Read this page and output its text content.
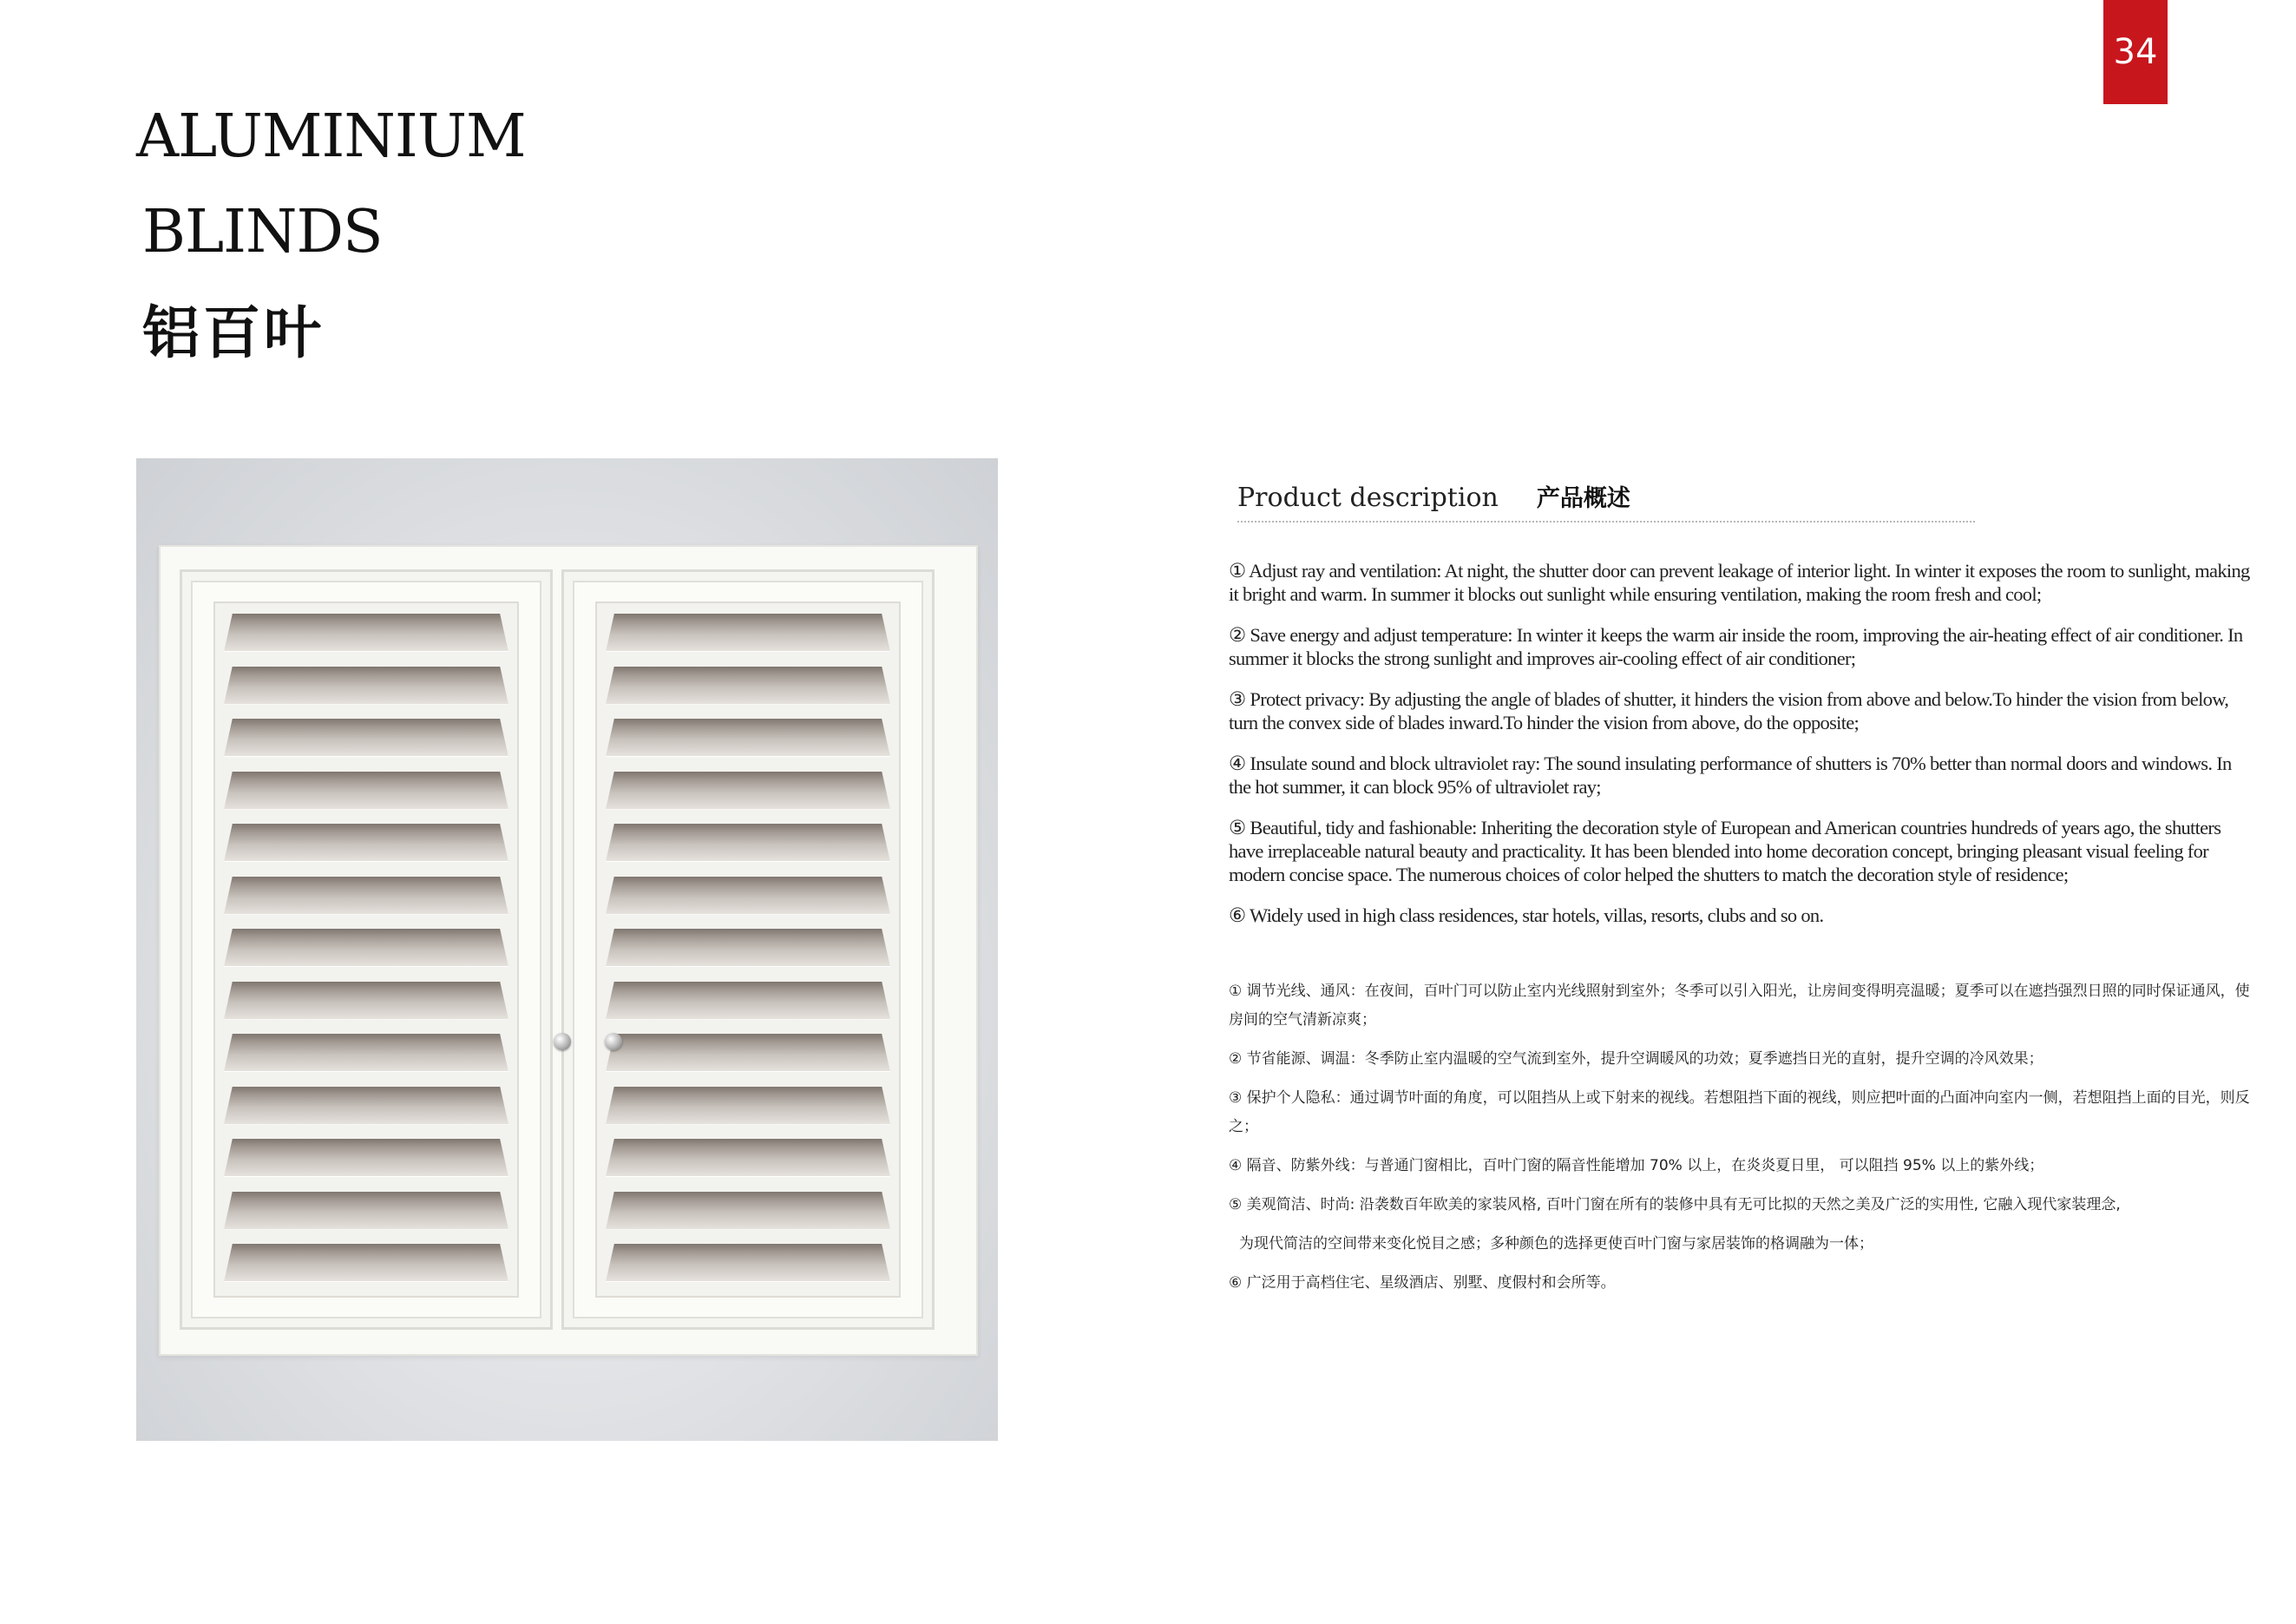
34
ALUMINIUM
BLINDS
铝百叶
Product description 产品概述

① Adjust ray and ventilation: At night, the shutter door can prevent leakage of interior light. In winter it exposes the room to sunlight, making it bright and warm. In summer it blocks out sunlight while ensuring ventilation, making the room fresh and cool;

② Save energy and adjust temperature: In winter it keeps the warm air inside the room, improving the air-heating effect of air conditioner. In summer it blocks the strong sunlight and improves air-cooling effect of air conditioner;

③ Protect privacy: By adjusting the angle of blades of shutter, it hinders the vision from above and below.To hinder the vision from below, turn the convex side of blades inward.To hinder the vision from above, do the opposite;

④ Insulate sound and block ultraviolet ray: The sound insulating performance of shutters is 70% better than normal doors and windows. In the hot summer, it can block 95% of ultraviolet ray;

⑤ Beautiful, tidy and fashionable: Inheriting the decoration style of European and American countries hundreds of years ago, the shutters have irreplaceable natural beauty and practicality. It has been blended into home decoration concept, bringing pleasant visual feeling for modern concise space. The numerous choices of color helped the shutters to match the decoration style of residence;

⑥ Widely used in high class residences, star hotels, villas, resorts, clubs and so on.

① 调节光线、通风：在夜间，百叶门可以防止室内光线照射到室外；冬季可以引入阳光，让房间变得明亮温暖；夏季可以在遮挡强烈日照的同时保证通风，使房间的空气清新凉爽；

② 节省能源、调温：冬季防止室内温暖的空气流到室外，提升空调暖风的功效；夏季遮挡日光的直射，提升空调的冷风效果；

③ 保护个人隐私：通过调节叶面的角度，可以阻挡从上或下射来的视线。若想阻挡下面的视线，则应把叶面的凸面冲向室内一侧，若想阻挡上面的目光，则反之；

④ 隔音、防紫外线：与普通门窗相比，百叶门窗的隔音性能增加 70% 以上，在炎炎夏日里， 可以阻挡 95% 以上的紫外线；

⑤ 美观简洁、时尚: 沿袭数百年欧美的家装风格, 百叶门窗在所有的装修中具有无可比拟的天然之美及广泛的实用性, 它融入现代家装理念,

为现代简洁的空间带来变化悦目之感；多种颜色的选择更使百叶门窗与家居装饰的格调融为一体；

⑥ 广泛用于高档住宅、星级酒店、别墅、度假村和会所等。
